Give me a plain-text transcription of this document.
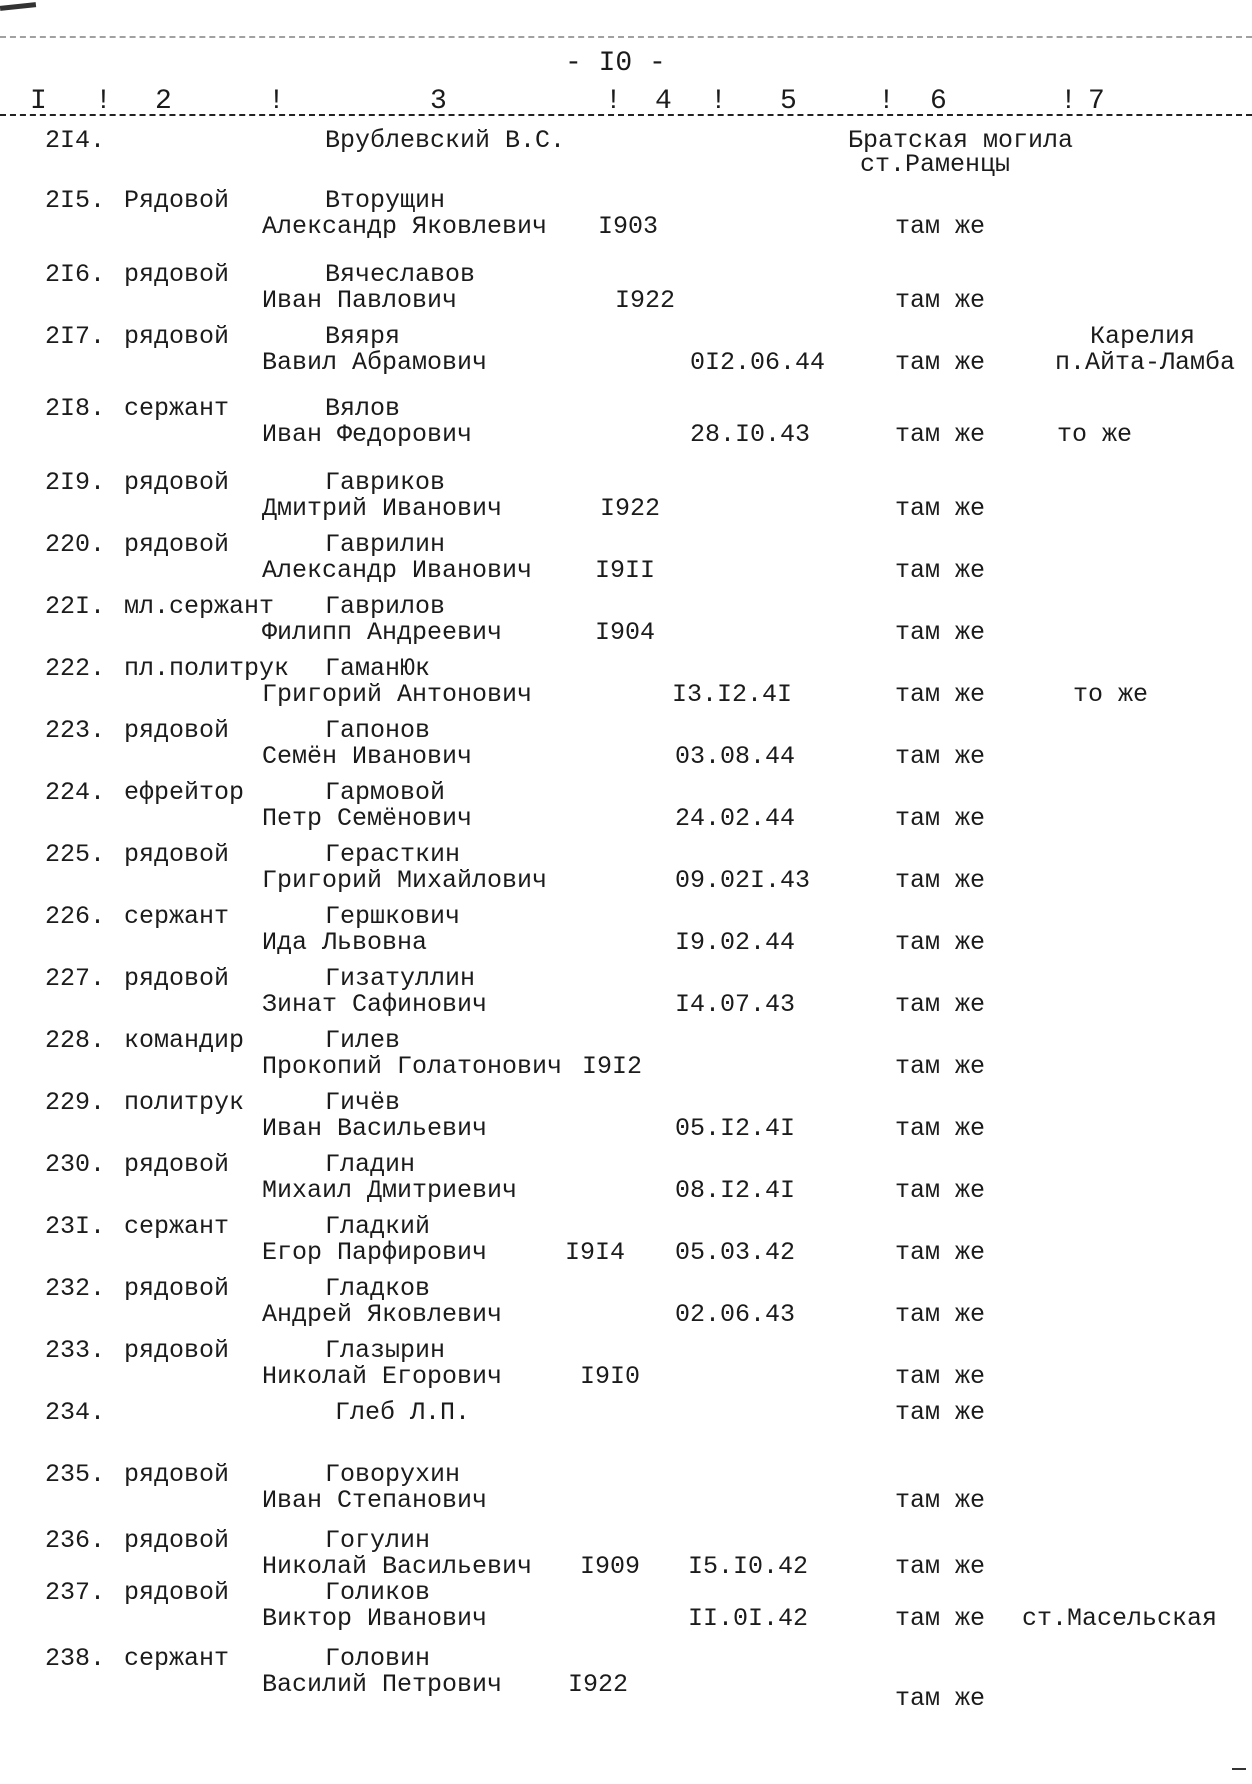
- I0 -
I ! 2	!	3	! 4 ! 5	! 6	! 7
2I4.	Врублевский В.С.	Братская могила
ст.Раменцы
2I5. Рядовой	Вторущин
Александр Яковлевич I903	там же
2I6. рядовой	Вячеславов
Иван Павлович	I922	там же
2I7. рядовой	Вяяря
Вавил Абрамович	0I2.06.44	там же
Карелия
п.Айта-Ламба
2I8. сержант	Вялов
Иван Федорович	28.I0.43	там же	то же
2I9. рядовой	Гавриков
Дмитрий Иванович	I922	там же
220. рядовой	Гаврилин
Александр Иванович	I9II	там же
22I. мл.сержант Гаврилов
Филипп Андреевич	I904	там же
222. пл.политрук ГаманЮк
Григорий Антонович	I3.I2.4I	там же	то же
223. рядовой	Гапонов
Семён Иванович	03.08.44	там же
224. ефрейтор	Гармовой
Петр Семёнович	24.02.44	там же
225. рядовой	Герасткин
Григорий Михайлович	09.02I.43	там же
226. сержант	Гершкович
Ида Львовна	I9.02.44	там же
227. рядовой	Гизатуллин
Зинат Сафинович	I4.07.43	там же
228. командир	Гилев
Прокопий Голатонович I9I2	там же
229. политрук	Гичёв
Иван Васильевич	05.I2.4I	там же
230. рядовой	Гладин
Михаил Дмитриевич	08.I2.4I	там же
23I. сержант	Гладкий
Егор Парфирович	I9I4 05.03.42	там же
232. рядовой	Гладков
Андрей Яковлевич	02.06.43	там же
233. рядовой	Глазырин
Николай Егорович	I9I0	там же
234.	Глеб Л.П.	там же
235. рядовой	Говорухин
Иван Степанович	там же
236. рядовой	Гогулин
Николай Васильевич I909 I5.I0.42	там же
237. рядовой	Голиков
Виктор Иванович	II.0I.42	там же ст.Масельская
238. сержант	Головин
Василий Петрович	I922	там же
